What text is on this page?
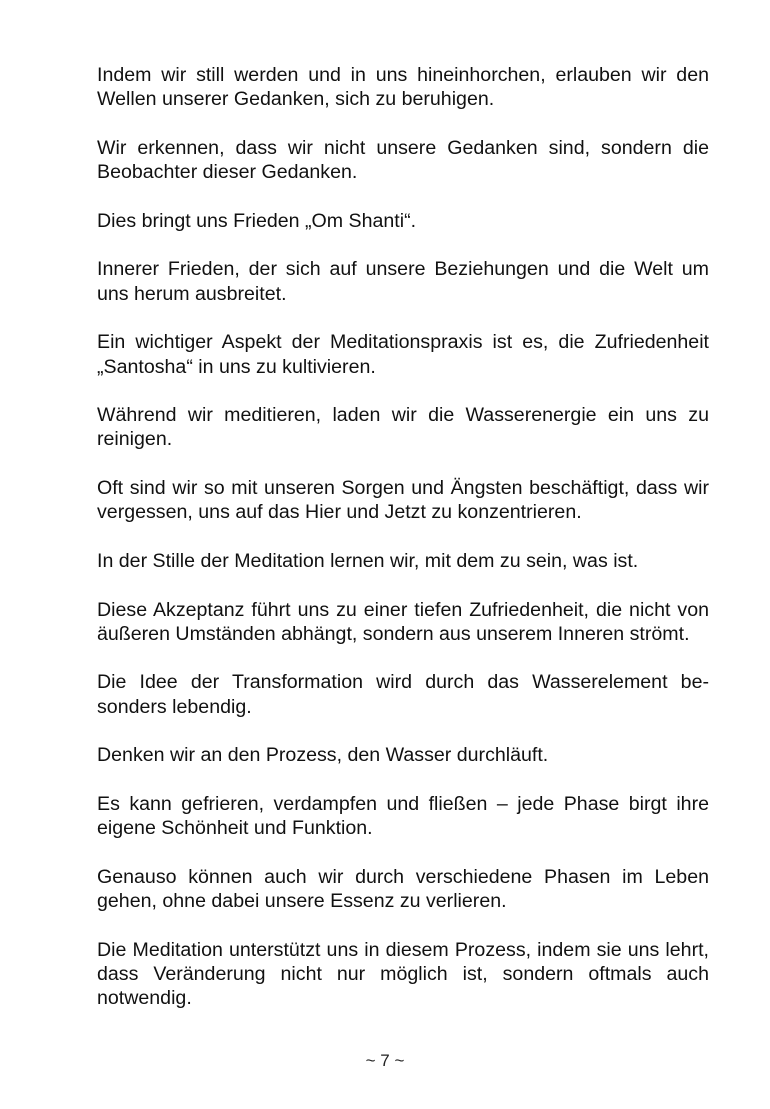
Indem wir still werden und in uns hineinhorchen, erlauben wir den Wellen unserer Gedanken, sich zu beruhigen.

Wir erkennen, dass wir nicht unsere Gedanken sind, sondern die Beobachter dieser Gedanken.

Dies bringt uns Frieden „Om Shanti“.

Innerer Frieden, der sich auf unsere Beziehungen und die Welt um uns herum ausbreitet.

Ein wichtiger Aspekt der Meditationspraxis ist es, die Zufriedenheit „Santosha“ in uns zu kultivieren.

Während wir meditieren, laden wir die Wasserenergie ein uns zu reinigen.

Oft sind wir so mit unseren Sorgen und Ängsten beschäftigt, dass wir vergessen, uns auf das Hier und Jetzt zu konzentrieren.

In der Stille der Meditation lernen wir, mit dem zu sein, was ist.

Diese Akzeptanz führt uns zu einer tiefen Zufriedenheit, die nicht von äußeren Umständen abhängt, sondern aus unserem Inneren strömt.

Die Idee der Transformation wird durch das Wasserelement besonders lebendig.

Denken wir an den Prozess, den Wasser durchläuft.

Es kann gefrieren, verdampfen und fließen – jede Phase birgt ihre eigene Schönheit und Funktion.

Genauso können auch wir durch verschiedene Phasen im Leben gehen, ohne dabei unsere Essenz zu verlieren.

Die Meditation unterstützt uns in diesem Prozess, indem sie uns lehrt, dass Veränderung nicht nur möglich ist, sondern oftmals auch notwendig.

~ 7 ~
